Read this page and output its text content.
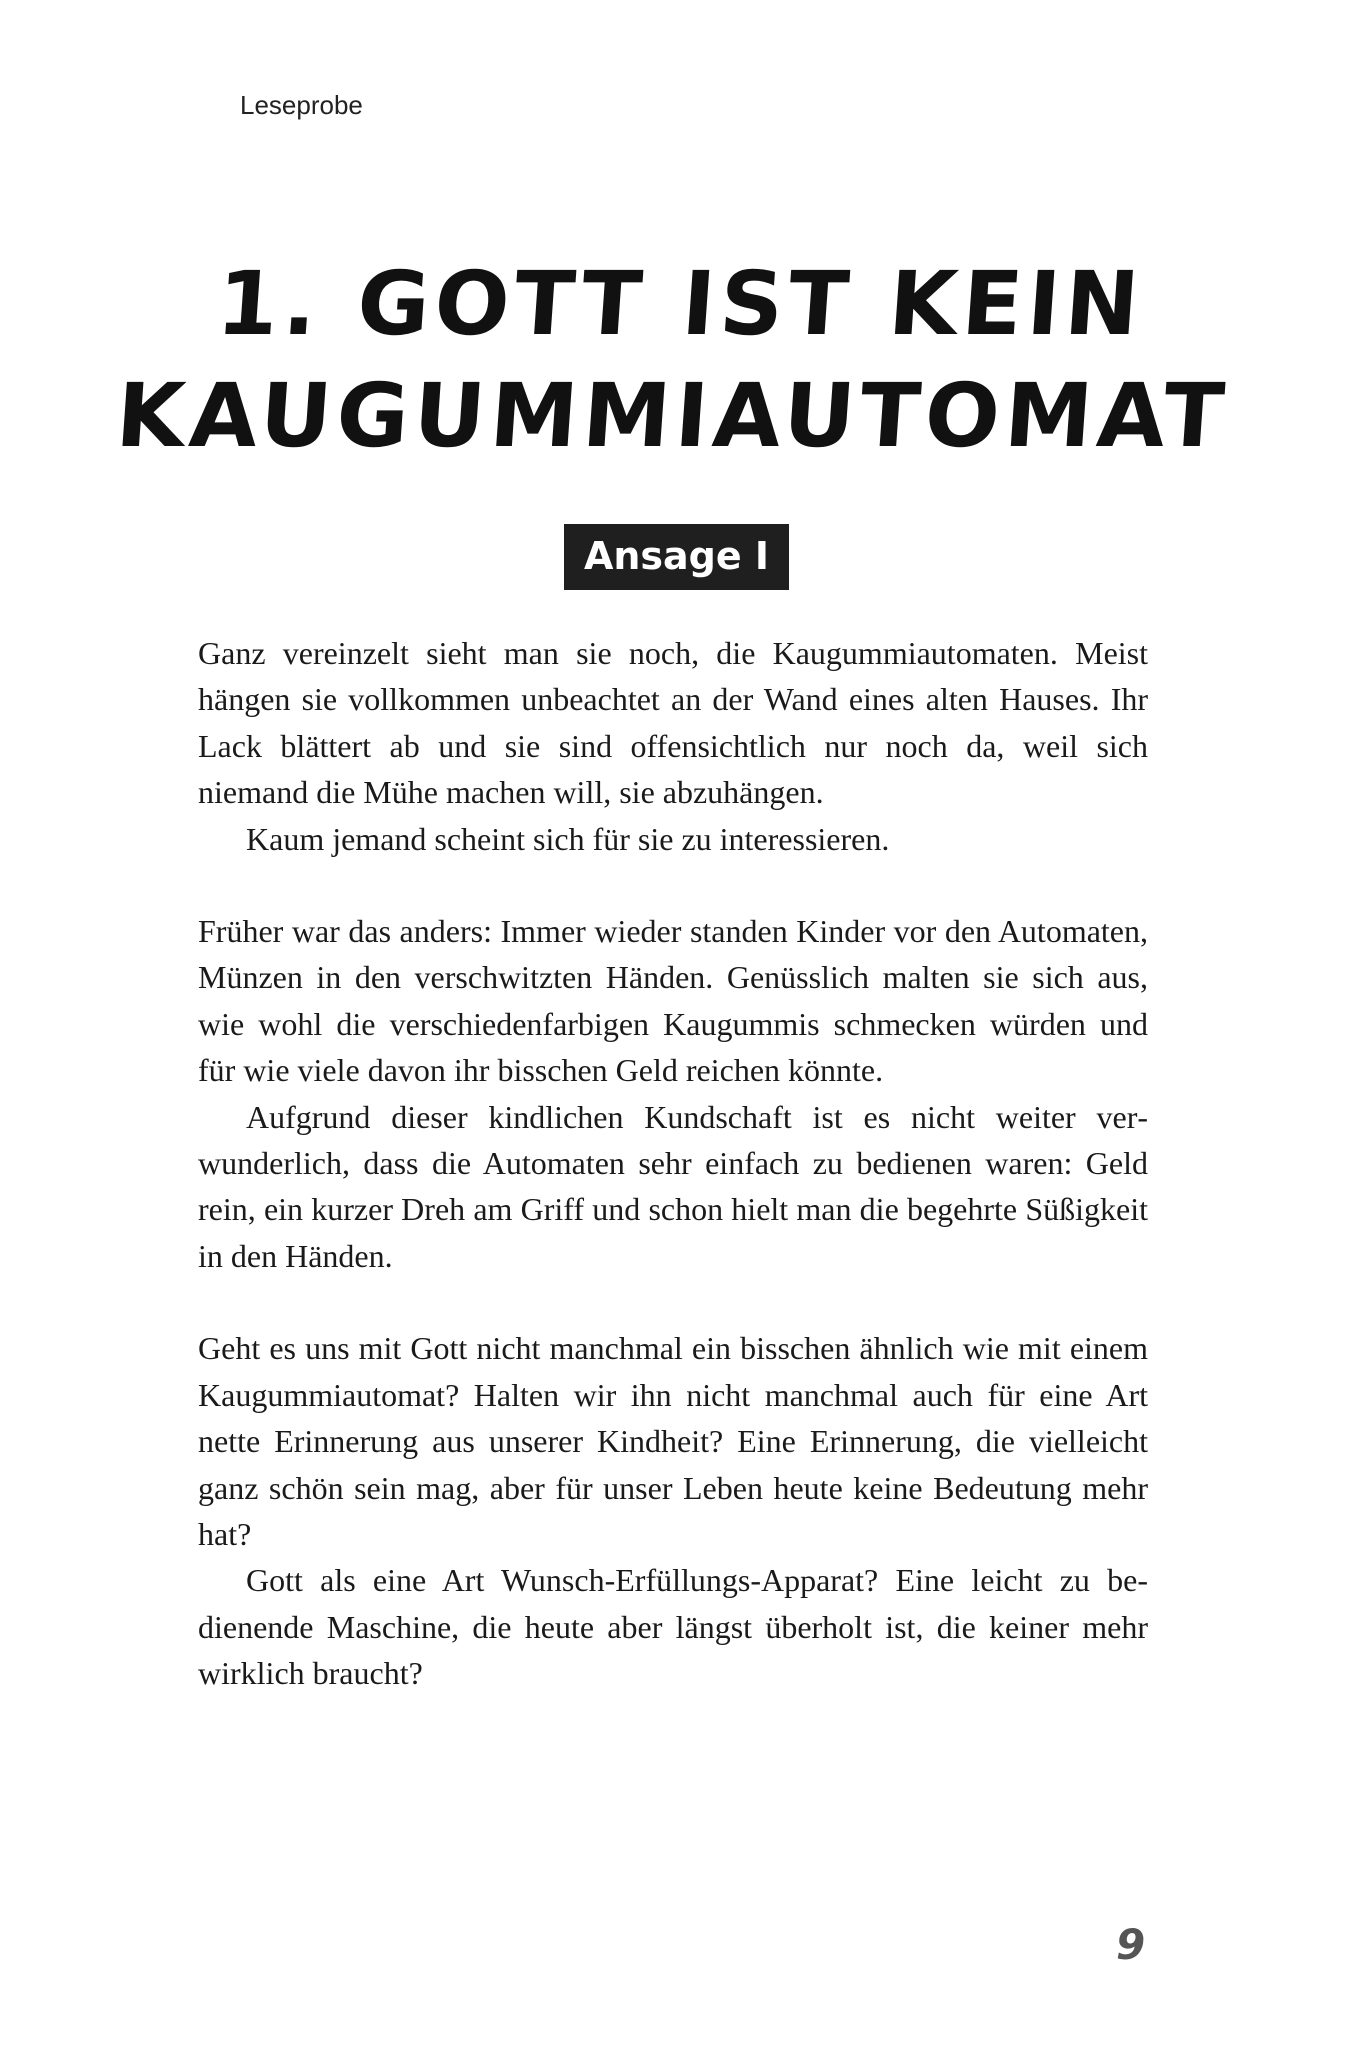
Leseprobe
1. GOTT IST KEIN
KAUGUMMIAUTOMAT
Ansage I

Ganz vereinzelt sieht man sie noch, die Kaugummiautomaten. Meist hängen sie vollkommen unbeachtet an der Wand eines alten Hauses. Ihr Lack blättert ab und sie sind offensichtlich nur noch da, weil sich niemand die Mühe machen will, sie abzuhängen.

Kaum jemand scheint sich für sie zu interessieren.

Früher war das anders: Immer wieder standen Kinder vor den Automaten, Münzen in den verschwitzten Händen. Genüsslich malten sie sich aus, wie wohl die verschiedenfarbigen Kaugummis schmecken würden und für wie viele davon ihr bisschen Geld reichen könnte.

Aufgrund dieser kindlichen Kundschaft ist es nicht weiter verwunderlich, dass die Automaten sehr einfach zu bedienen waren: Geld rein, ein kurzer Dreh am Griff und schon hielt man die begehrte Süßigkeit in den Händen.

Geht es uns mit Gott nicht manchmal ein bisschen ähnlich wie mit einem Kaugummiautomat? Halten wir ihn nicht manchmal auch für eine Art nette Erinnerung aus unserer Kindheit? Eine Erinnerung, die vielleicht ganz schön sein mag, aber für unser Leben heute keine Bedeutung mehr hat?

Gott als eine Art Wunsch-Erfüllungs-Apparat? Eine leicht zu bedienende Maschine, die heute aber längst überholt ist, die keiner mehr wirklich braucht?

9
